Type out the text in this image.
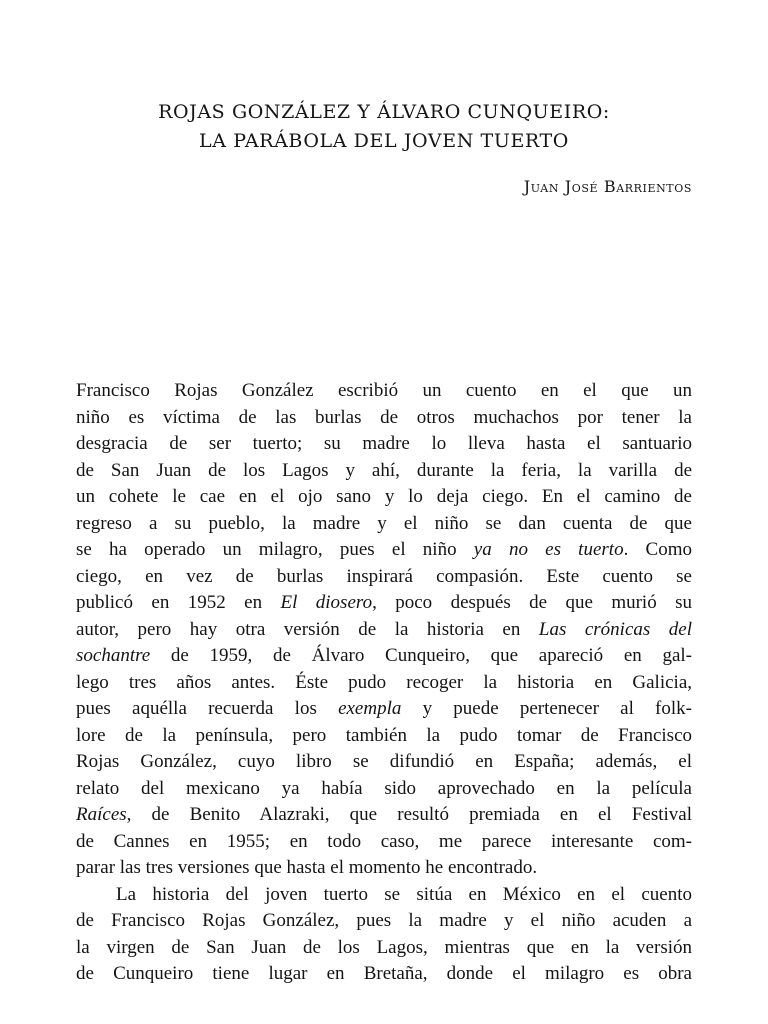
ROJAS GONZÁLEZ Y ÁLVARO CUNQUEIRO:
LA PARÁBOLA DEL JOVEN TUERTO
Juan José Barrientos
Francisco Rojas González escribió un cuento en el que un
niño es víctima de las burlas de otros muchachos por tener la
desgracia de ser tuerto; su madre lo lleva hasta el santuario
de San Juan de los Lagos y ahí, durante la feria, la varilla de
un cohete le cae en el ojo sano y lo deja ciego. En el camino de
regreso a su pueblo, la madre y el niño se dan cuenta de que
se ha operado un milagro, pues el niño ya no es tuerto. Como
ciego, en vez de burlas inspirará compasión. Este cuento se
publicó en 1952 en El diosero, poco después de que murió su
autor, pero hay otra versión de la historia en Las crónicas del
sochantre de 1959, de Álvaro Cunqueiro, que apareció en gal-
lego tres años antes. Éste pudo recoger la historia en Galicia,
pues aquélla recuerda los exempla y puede pertenecer al folk-
lore de la península, pero también la pudo tomar de Francisco
Rojas González, cuyo libro se difundió en España; además, el
relato del mexicano ya había sido aprovechado en la película
Raíces, de Benito Alazraki, que resultó premiada en el Festival
de Cannes en 1955; en todo caso, me parece interesante com-
parar las tres versiones que hasta el momento he encontrado.
La historia del joven tuerto se sitúa en México en el cuento
de Francisco Rojas González, pues la madre y el niño acuden a
la virgen de San Juan de los Lagos, mientras que en la versión
de Cunqueiro tiene lugar en Bretaña, donde el milagro es obra
